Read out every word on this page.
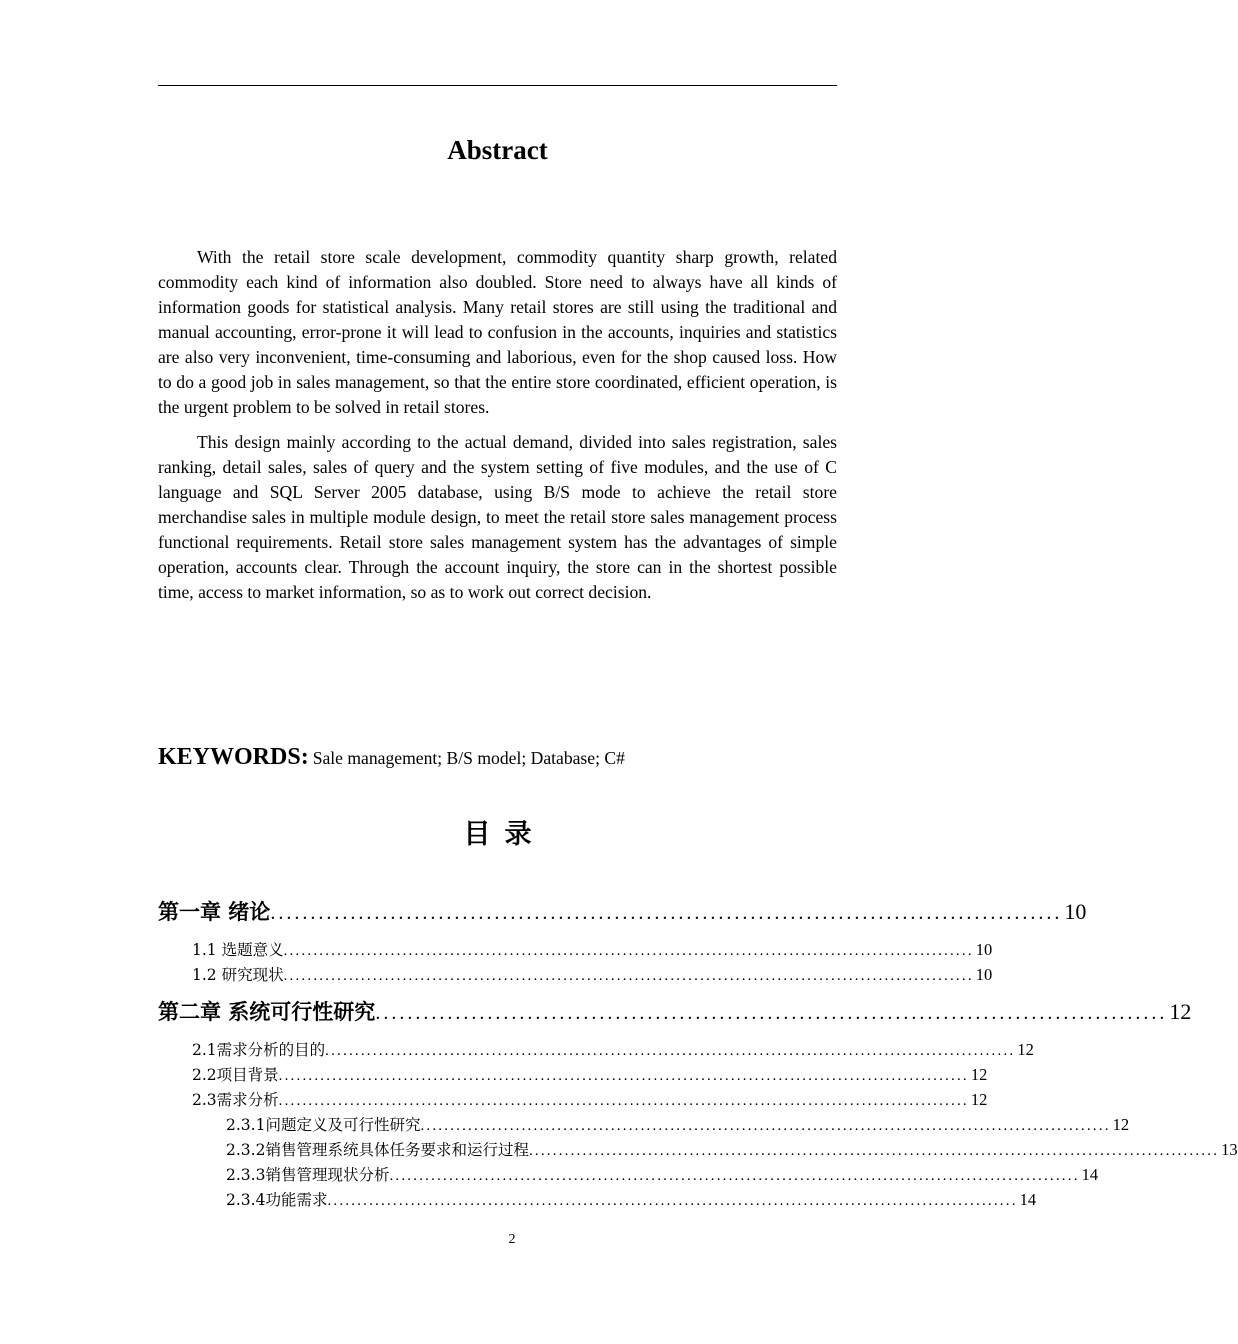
Abstract

With the retail store scale development, commodity quantity sharp growth, related commodity each kind of information also doubled. Store need to always have all kinds of information goods for statistical analysis. Many retail stores are still using the traditional and manual accounting, error-prone it will lead to confusion in the accounts, inquiries and statistics are also very inconvenient, time-consuming and laborious, even for the shop caused loss. How to do a good job in sales management, so that the entire store coordinated, efficient operation, is the urgent problem to be solved in retail stores.

This design mainly according to the actual demand, divided into sales registration, sales ranking, detail sales, sales of query and the system setting of five modules, and the use of C language and SQL Server 2005 database, using B/S mode to achieve the retail store merchandise sales in multiple module design, to meet the retail store sales management process functional requirements. Retail store sales management system has the advantages of simple operation, accounts clear. Through the account inquiry, the store can in the shortest possible time, access to market information, so as to work out correct decision.

KEYWORDS: Sale management; B/S model; Database; C#
目 录
第一章 绪论 ................................................................................................... 10
1.1 选题意义 .................................................................................................................... 10
1.2 研究现状 .................................................................................................................... 10
第二章 系统可行性研究 ................................................................................................... 12
2.1需求分析的目的 .................................................................................................................... 12
2.2项目背景 .................................................................................................................... 12
2.3需求分析 .................................................................................................................... 12
2.3.1问题定义及可行性研究 .................................................................................................................... 12
2.3.2销售管理系统具体任务要求和运行过程 .................................................................................................................... 13
2.3.3销售管理现状分析 .................................................................................................................... 14
2.3.4功能需求 .................................................................................................................... 14
2
